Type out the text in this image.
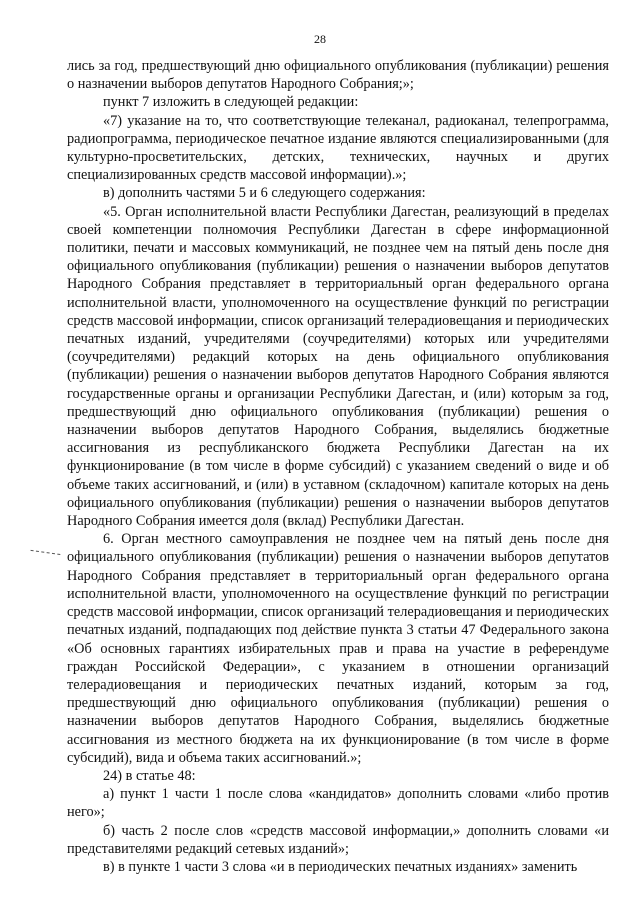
28

лись за год, предшествующий дню официального опубликования (публикации) решения о назначении выборов депутатов Народного Собрания;»;

пункт 7 изложить в следующей редакции:

«7) указание на то, что соответствующие телеканал, радиоканал, телепрограмма, радиопрограмма, периодическое печатное издание являются специализированными (для культурно-просветительских, детских, технических, научных и других специализированных средств массовой информации).»;

в) дополнить частями 5 и 6 следующего содержания:

«5. Орган исполнительной власти Республики Дагестан, реализующий в пределах своей компетенции полномочия Республики Дагестан в сфере информационной политики, печати и массовых коммуникаций, не позднее чем на пятый день после дня официального опубликования (публикации) решения о назначении выборов депутатов Народного Собрания представляет в территориальный орган федерального органа исполнительной власти, уполномоченного на осуществление функций по регистрации средств массовой информации, список организаций телерадиовещания и периодических печатных изданий, учредителями (соучредителями) которых или учредителями (соучредителями) редакций которых на день официального опубликования (публикации) решения о назначении выборов депутатов Народного Собрания являются государственные органы и организации Республики Дагестан, и (или) которым за год, предшествующий дню официального опубликования (публикации) решения о назначении выборов депутатов Народного Собрания, выделялись бюджетные ассигнования из республиканского бюджета Республики Дагестан на их функционирование (в том числе в форме субсидий) с указанием сведений о виде и об объеме таких ассигнований, и (или) в уставном (складочном) капитале которых на день официального опубликования (публикации) решения о назначении выборов депутатов Народного Собрания имеется доля (вклад) Республики Дагестан.

6. Орган местного самоуправления не позднее чем на пятый день после дня официального опубликования (публикации) решения о назначении выборов депутатов Народного Собрания представляет в территориальный орган федерального органа исполнительной власти, уполномоченного на осуществление функций по регистрации средств массовой информации, список организаций телерадиовещания и периодических печатных изданий, подпадающих под действие пункта 3 статьи 47 Федерального закона «Об основных гарантиях избирательных прав и права на участие в референдуме граждан Российской Федерации», с указанием в отношении организаций телерадиовещания и периодических печатных изданий, которым за год, предшествующий дню официального опубликования (публикации) решения о назначении выборов депутатов Народного Собрания, выделялись бюджетные ассигнования из местного бюджета на их функционирование (в том числе в форме субсидий), вида и объема таких ассигнований.»;

24) в статье 48:

а) пункт 1 части 1 после слова «кандидатов» дополнить словами «либо против него»;

б) часть 2 после слов «средств массовой информации,» дополнить словами «и представителями редакций сетевых изданий»;

в) в пункте 1 части 3 слова «и в периодических печатных изданиях» заменить
